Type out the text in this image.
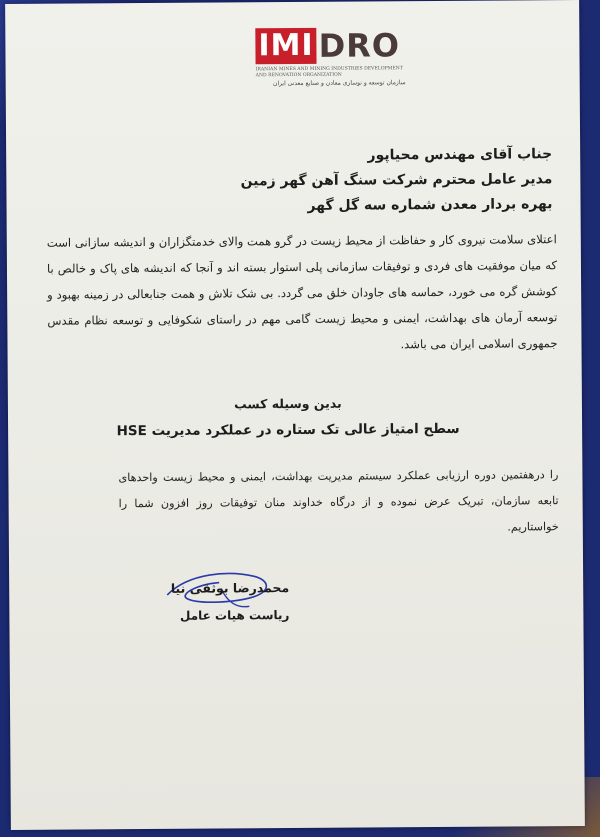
IMI DRO
IRANIAN MINES AND MINING INDUSTRIES DEVELOPMENT AND RENOVATION ORGANIZATION
سازمان توسعه و نوسازی معادن و صنایع معدنی ایران
جناب آقای مهندس محیاپور
مدیر عامل محترم شرکت سنگ آهن گهر زمین
بهره بردار معدن شماره سه گل گهر
اعتلای سلامت نیروی کار و حفاظت از محیط زیست در گرو همت والای خدمتگزاران و اندیشه سازانی است که میان موفقیت های فردی و توفیقات سازمانی پلی استوار بسته اند و آنجا که اندیشه های پاک و خالص با کوشش گره می خورد، حماسه های جاودان خلق می گردد. بی شک تلاش و همت جنابعالی در زمینه بهبود و توسعه آرمان های بهداشت، ایمنی و محیط زیست گامی مهم در راستای شکوفایی و توسعه نظام مقدس جمهوری اسلامی ایران می باشد.
بدین وسیله کسب
سطح امتیاز عالی تک ستاره در عملکرد مدیریت HSE
را درهفتمین دوره ارزیابی عملکرد سیستم مدیریت بهداشت، ایمنی و محیط زیست واحدهای تابعه سازمان، تبریک عرض نموده و از درگاه خداوند منان توفیقات روز افزون شما را خواستاریم.
محمدرضا بوثقی نیا
ریاست هیات عامل
